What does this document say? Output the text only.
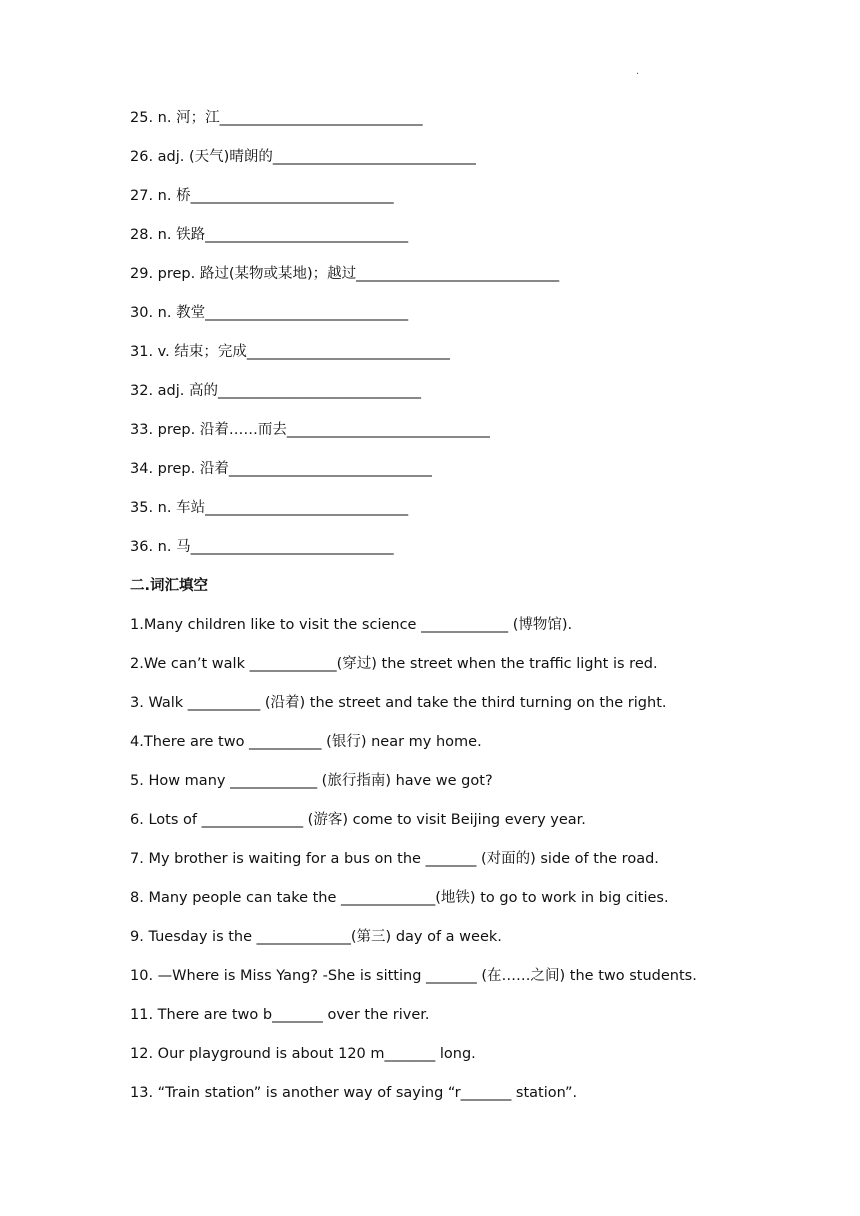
.
25. n. 河；江____________________________
26. adj. (天气)晴朗的____________________________
27. n. 桥____________________________
28. n. 铁路____________________________
29. prep. 路过(某物或某地)；越过____________________________
30. n. 教堂____________________________
31. v. 结束；完成____________________________
32. adj. 高的____________________________
33. prep. 沿着……而去____________________________
34. prep. 沿着____________________________
35. n. 车站____________________________
36. n. 马____________________________
二.词汇填空
1.Many children like to visit the science ____________ (博物馆).
2.We can’t walk ____________(穿过) the street when the traffic light is red.
3. Walk __________ (沿着) the street and take the third turning on the right.
4.There are two __________ (银行) near my home.
5. How many ____________ (旅行指南) have we got?
6. Lots of ______________ (游客) come to visit Beijing every year.
7. My brother is waiting for a bus on the _______ (对面的) side of the road.
8. Many people can take the _____________(地铁) to go to work in big cities.
9. Tuesday is the _____________(第三) day of a week.
10. —Where is Miss Yang? -She is sitting _______ (在……之间) the two students.
11. There are two b_______ over the river.
12. Our playground is about 120 m_______ long.
13. “Train station” is another way of saying “r_______ station”.
